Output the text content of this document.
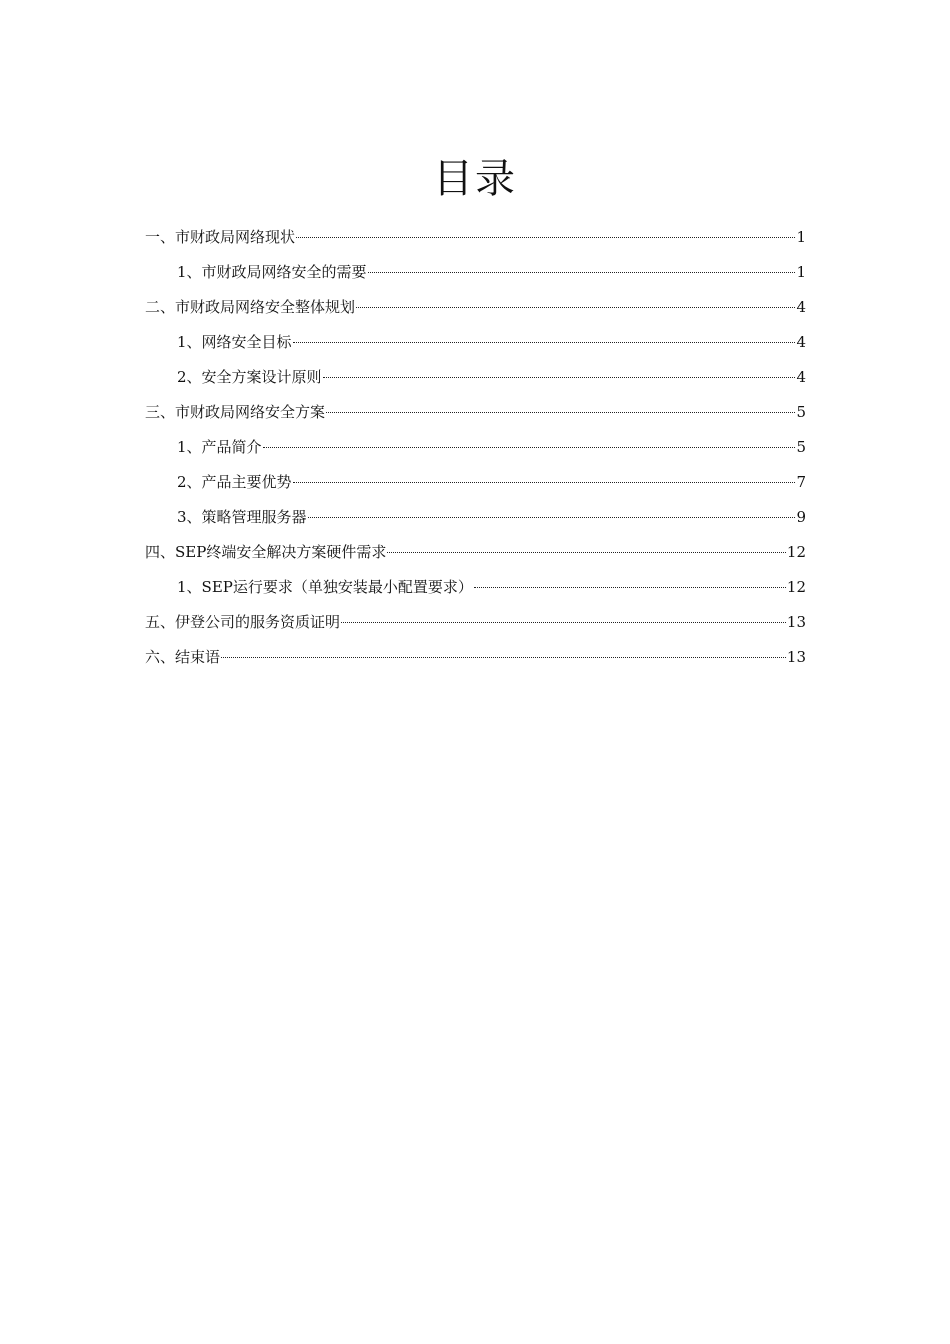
目录
一、市财政局网络现状	1
1、市财政局网络安全的需要	1
二、市财政局网络安全整体规划	4
1、网络安全目标	4
2、安全方案设计原则	4
三、市财政局网络安全方案	5
1、产品简介	5
2、产品主要优势	7
3、策略管理服务器	9
四、SEP终端安全解决方案硬件需求	12
1、SEP运行要求（单独安装最小配置要求）	12
五、伊登公司的服务资质证明	13
六、结束语	13
